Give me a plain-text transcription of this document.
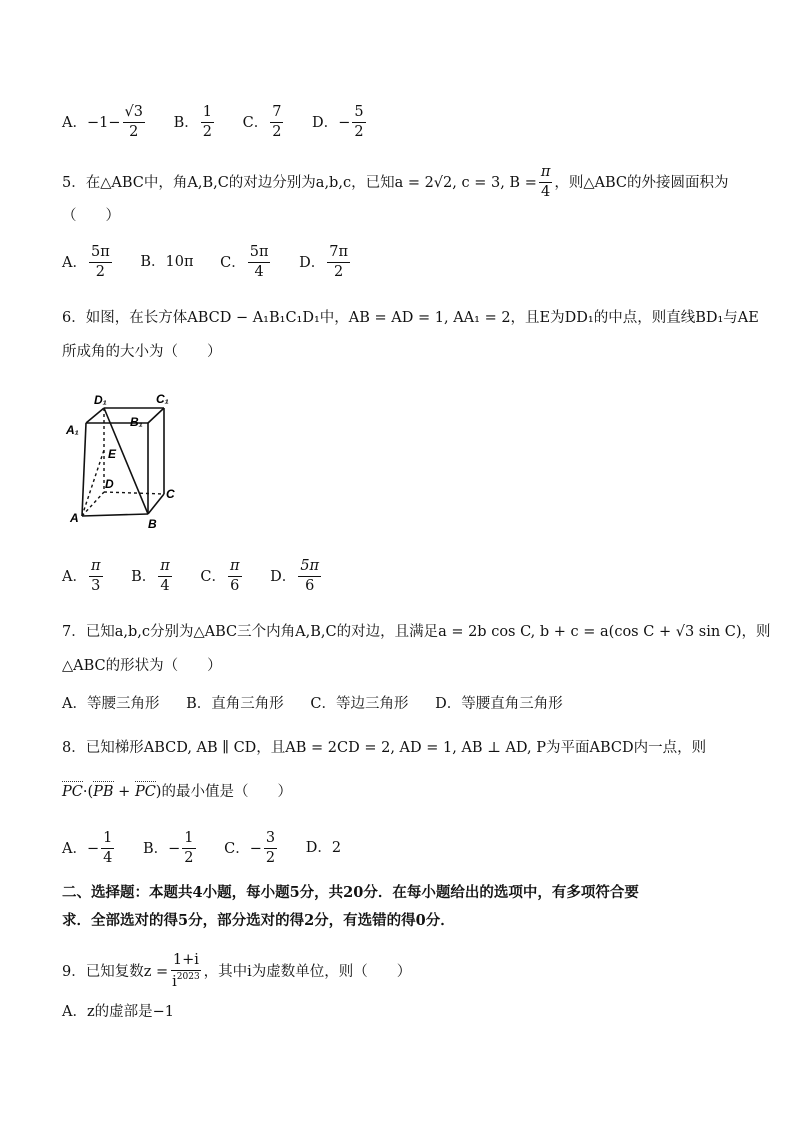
A．$-1- \frac{√3}{2}$ B． $\frac{1}{2}$ C． $\frac{7}{2}$ D．− $\frac{5}{2}$
5．在△ABC中，角A,B,C的对边分别为a,b,c，已知a = 2√2, c = 3, $B = \frac{\pi}{4}$ ，则△ABC的外接圆面积为
（　　）
A． $\frac{5\pi}{2}$ B．10π C． $\frac{5\pi}{4}$ D． $\frac{7\pi}{2}$
6．如图，在长方体ABCD − A₁B₁C₁D₁中，AB = AD = 1, AA₁ = 2，且E为DD₁的中点，则直线BD₁与AE
所成角的大小为（　　）
D₁	C₁
A₁
B₁
E
D
C
A	B
A． $\frac{\pi}{3}$ B． $\frac{\pi}{4}$ C． $\frac{\pi}{6}$ D． $\frac{5\pi}{6}$
7．已知a,b,c分别为△ABC三个内角A,B,C的对边，且满足a = 2b cos C, b + c = a(cos C + √3 sin C)，则
△ABC的形状为（　　）
A．等腰三角形 B．直角三角形 C．等边三角形 D．等腰直角三角形
8．已知梯形ABCD, AB ∥ CD，且AB = 2CD = 2, AD = 1, AB ⊥ AD, P为平面ABCD内一点，则
PC·(PB + PC)的最小值是（　　）
A．− $\frac{1}{4}$ B．− $\frac{1}{2}$ C．− $\frac{3}{2}$ D．2
二、选择题：本题共4小题，每小题5分，共20分．在每小题给出的选项中，有多项符合要
求．全部选对的得5分，部分选对的得2分，有选错的得0分．
9．已知复数$z = \frac{1+i}{i^{2023}}$ ，其中i为虚数单位，则（　　）
A．z的虚部是−1
